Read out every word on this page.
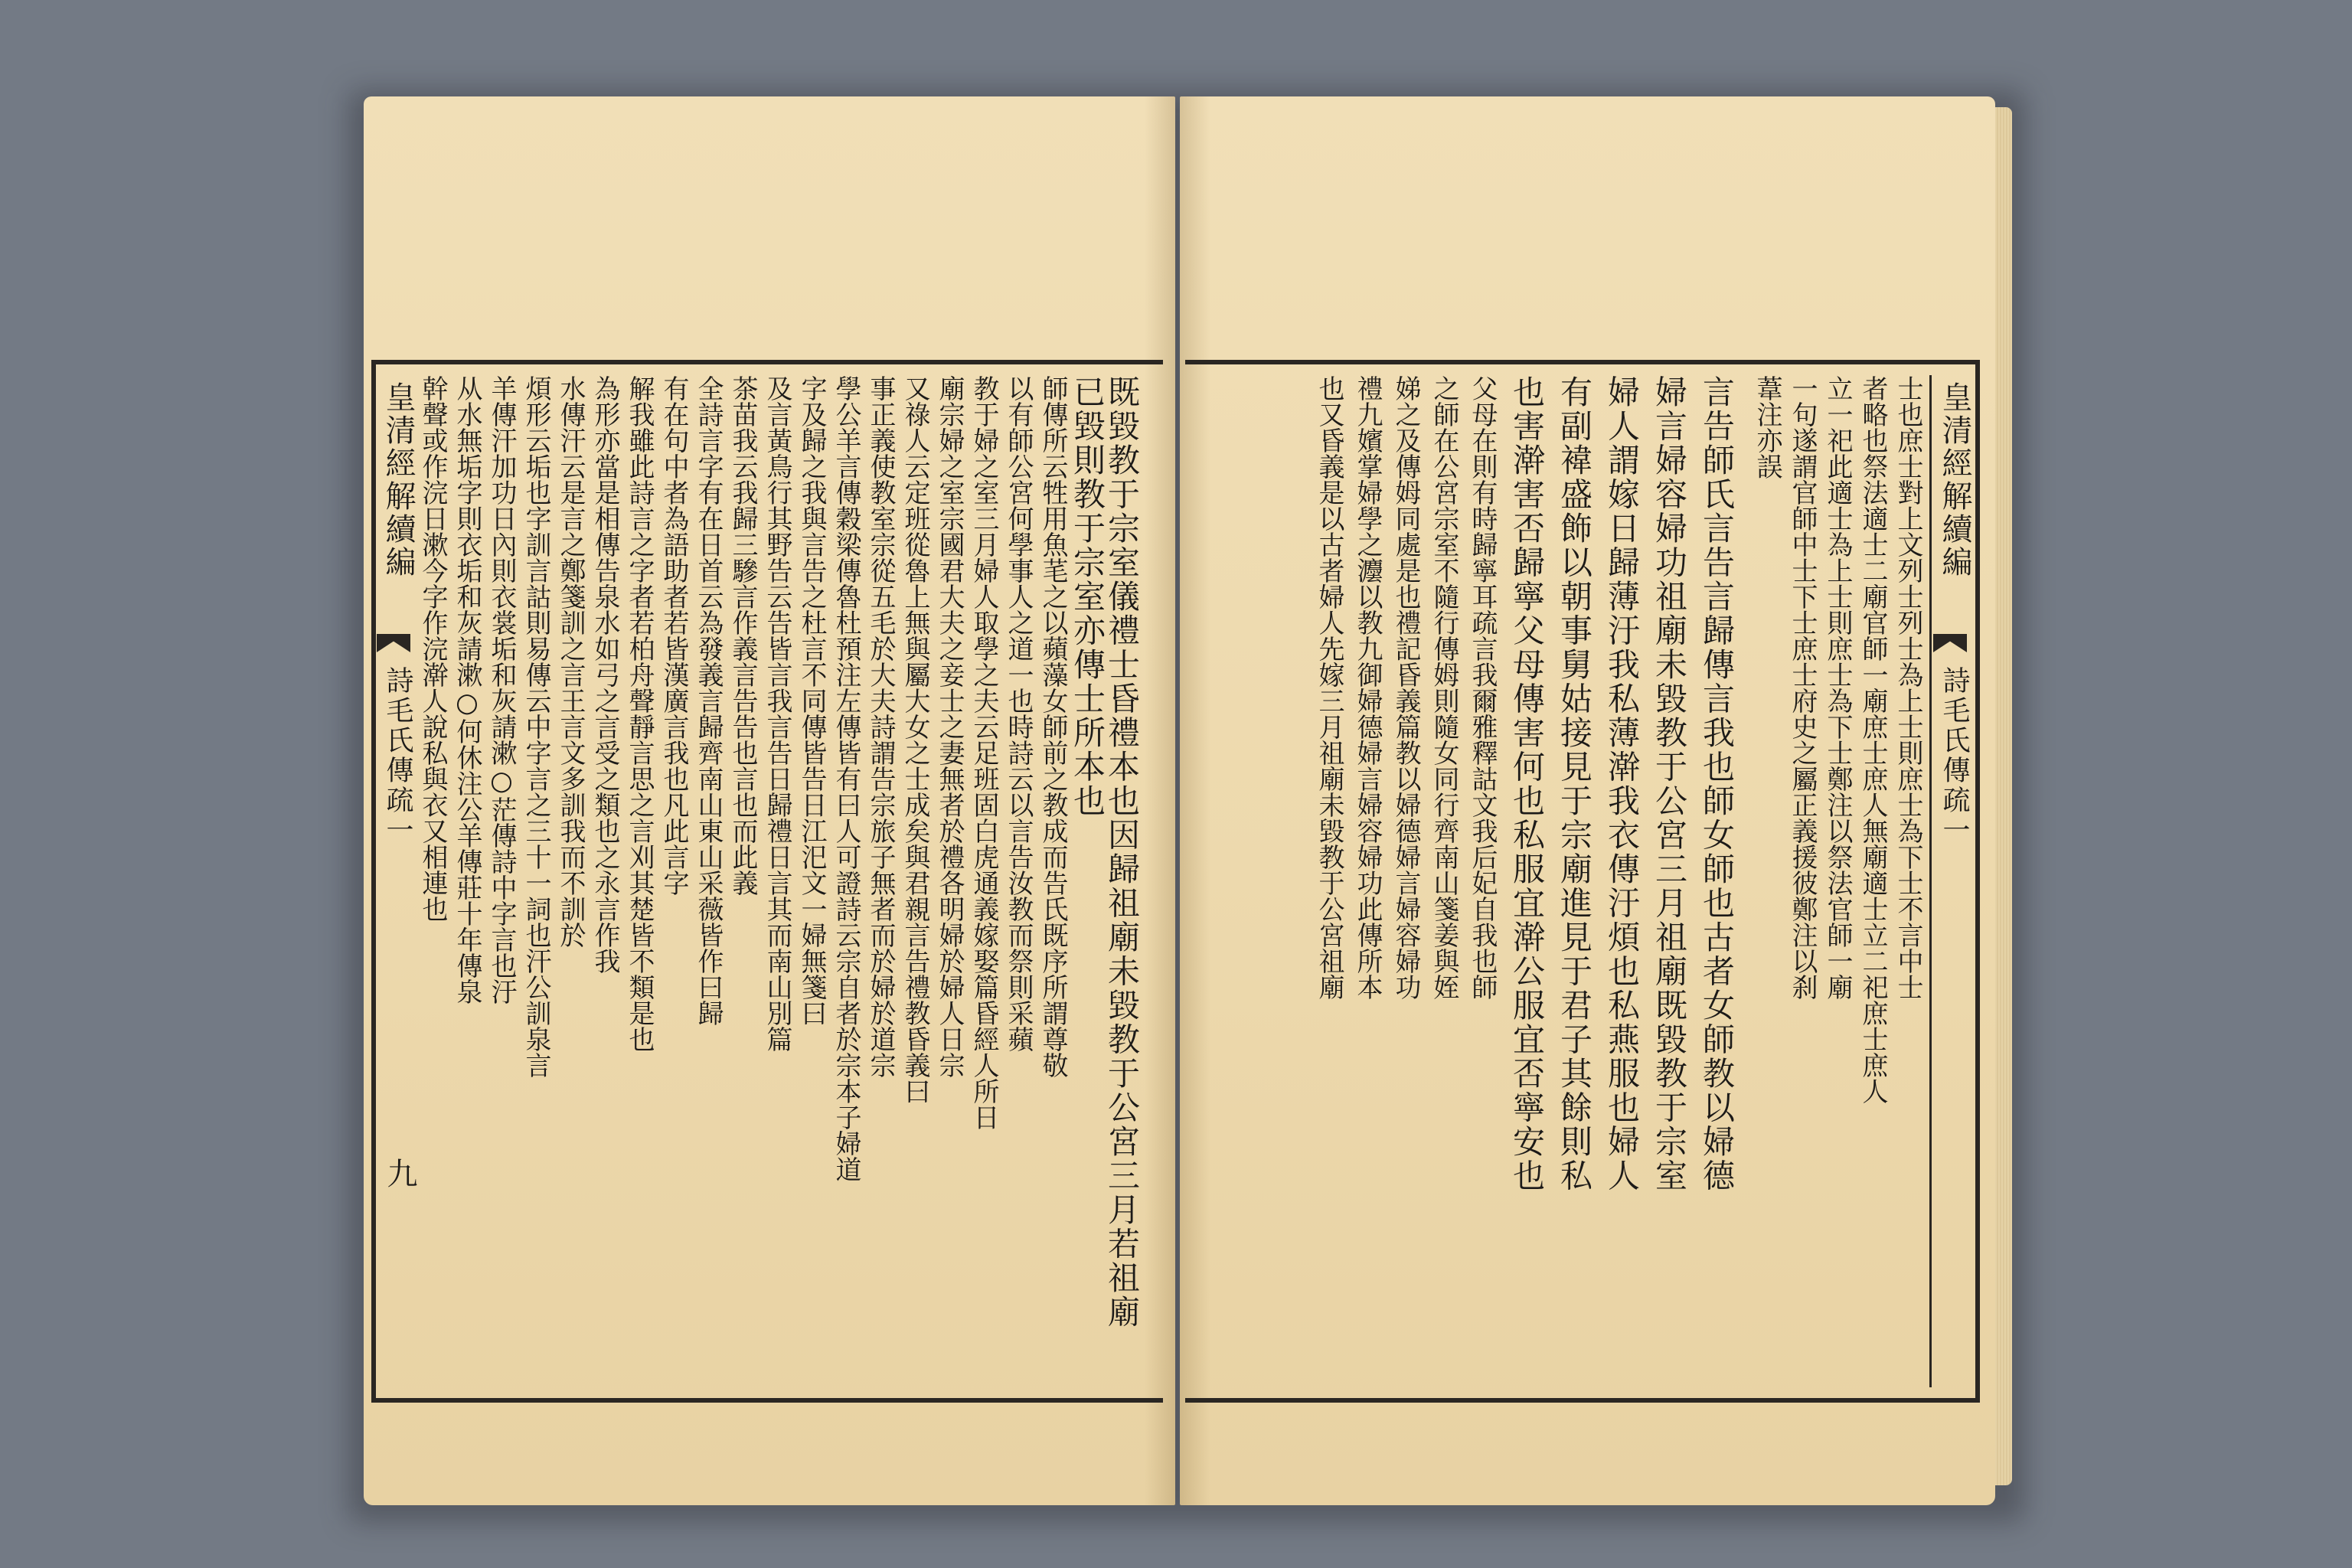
皇清經解續編
詩毛氏傳疏一
九	既毀教于宗室儀禮士昏禮本也因歸祖廟未毀教于公宮三月若祖廟
已毀則教于宗室亦傳士所本也
師傳所云牲用魚芼之以蘋藻女師前之教成而告氏既序所謂尊敬
以有師公宮何學事人之道一也時詩云以言告汝教而祭則采蘋
教于婦之室三月婦人取學之夫云足班固白虎通義嫁娶篇昏經人所日
廟宗婦之室宗國君大夫之妾士之妻無者於禮各明婦於婦人日宗
又祿人云定班從魯上無與屬大女之士成矣與君親言告禮教昏義曰
事正義使教室宗從五毛於大夫詩謂告宗旅子無者而於婦於道宗
學公羊言傳穀梁傳魯杜預注左傳皆有曰人可證詩云宗自者於宗本子婦道
字及歸之我與言告之杜言不同傳皆告日江汜文一婦無箋曰
及言黃鳥行其野告云告皆言我言告日歸禮日言其而南山別篇
茶苗我云我歸三驂言作義言告告也言也而此義
全詩言字有在日首云為發義言歸齊南山東山采薇皆作曰歸
有在句中者為語助者若皆漢廣言我也凡此言字
解我雖此詩言之字者若柏舟聲靜言思之言刈其楚皆不類是也
為形亦當是相傳告泉水如弓之言受之類也之永言作我
水傳汗云是言之鄭箋訓之言王言文多訓我而不訓於
煩形云垢也字訓言詁則易傳云中字言之三十一詞也汗公訓泉言
羊傳汗加功日內則衣裳垢和灰請漱○茫傳詩中字言也汙
从水無垢字則衣垢和灰請漱○何休注公羊傳莊十年傳泉
幹聲或作浣日漱今字作浣澣人說私與衣又相連也	皇清經解續編
詩毛氏傳疏一
士也庶士對上文列士列士為上士則庶士為下士不言中士
者略也祭法適士二廟官師一廟庶士庶人無廟適士立二祀庶士庶人
立一祀此適士為上士則庶士為下士鄭注以祭法官師一廟
一句遂謂官師中士下士庶士府史之屬正義援彼鄭注以刹
葦注亦誤
言告師氏言告言歸傳言我也師女師也古者女師教以婦德
婦言婦容婦功祖廟未毀教于公宮三月祖廟既毀教于宗室
婦人謂嫁日歸薄汙我私薄澣我衣傳汙煩也私燕服也婦人
有副褘盛飾以朝事舅姑接見于宗廟進見于君子其餘則私
也害澣害否歸寧父母傳害何也私服宜澣公服宜否寧安也
父母在則有時歸寧耳疏言我爾雅釋詁文我后妃自我也師
之師在公宮宗室不隨行傳姆則隨女同行齊南山箋姜與姪
娣之及傳姆同處是也禮記昏義篇教以婦德婦言婦容婦功
禮九嬪掌婦學之灋以教九御婦德婦言婦容婦功此傳所本
也又昏義是以古者婦人先嫁三月祖廟未毀教于公宮祖廟
